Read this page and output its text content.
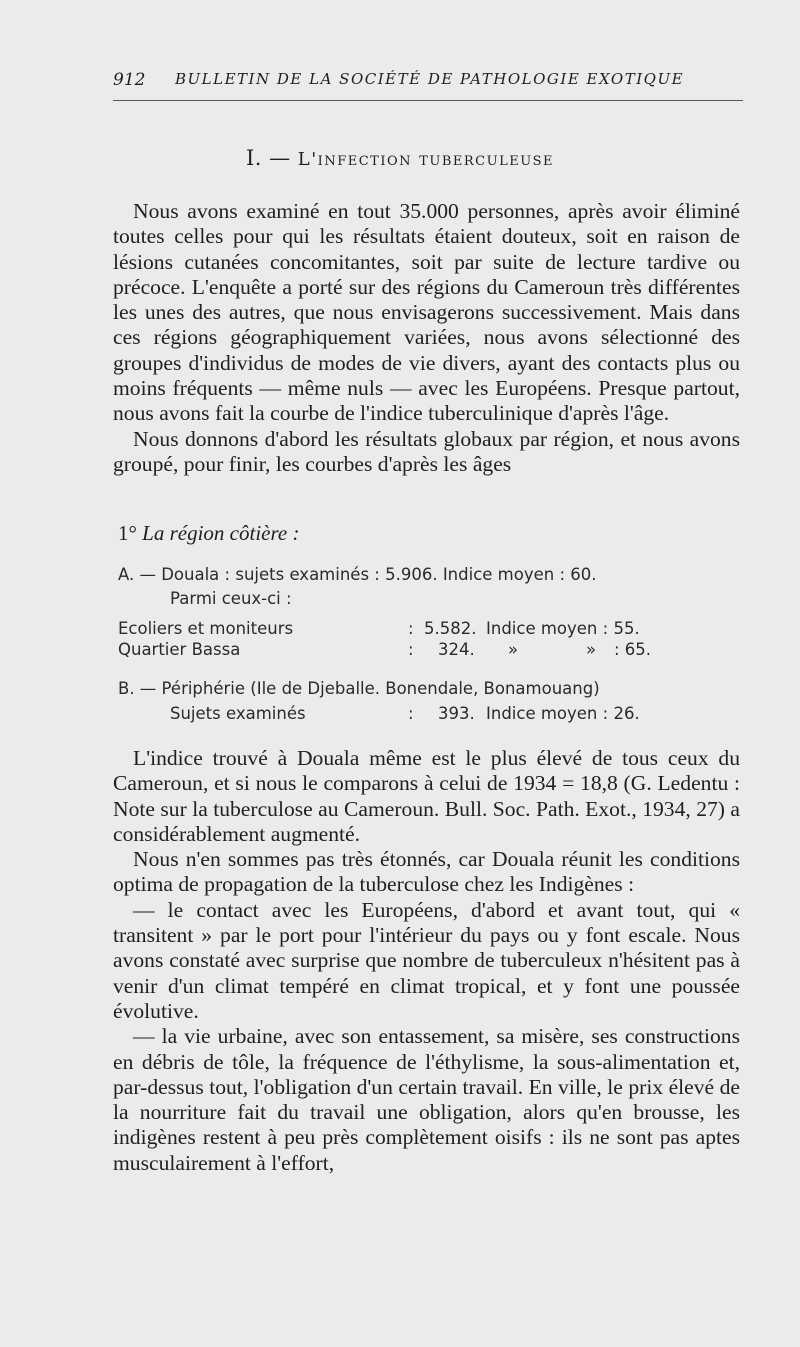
912 BULLETIN DE LA SOCIÉTÉ DE PATHOLOGIE EXOTIQUE
I. — L'infection tuberculeuse

Nous avons examiné en tout 35.000 personnes, après avoir éliminé toutes celles pour qui les résultats étaient douteux, soit en raison de lésions cutanées concomitantes, soit par suite de lecture tardive ou précoce. L'enquête a porté sur des régions du Cameroun très différentes les unes des autres, que nous envisagerons successivement. Mais dans ces régions géographiquement variées, nous avons sélectionné des groupes d'individus de modes de vie divers, ayant des contacts plus ou moins fréquents — même nuls — avec les Européens. Presque partout, nous avons fait la courbe de l'indice tuberculinique d'après l'âge.

Nous donnons d'abord les résultats globaux par région, et nous avons groupé, pour finir, les courbes d'après les âges

1° La région côtière :
A. — Douala : sujets examinés : 5.906. Indice moyen : 60.
Parmi ceux-ci :
Ecoliers et moniteurs	: 5.582. Indice moyen : 55.
Quartier Bassa	: 324. »	» : 65.
B. — Périphérie (Ile de Djeballe. Bonendale, Bonamouang)
Sujets examinés	: 393. Indice moyen : 26.

L'indice trouvé à Douala même est le plus élevé de tous ceux du Cameroun, et si nous le comparons à celui de 1934 = 18,8 (G. Ledentu : Note sur la tuberculose au Cameroun. Bull. Soc. Path. Exot., 1934, 27) a considérablement augmenté.

Nous n'en sommes pas très étonnés, car Douala réunit les conditions optima de propagation de la tuberculose chez les Indigènes :

— le contact avec les Européens, d'abord et avant tout, qui « transitent » par le port pour l'intérieur du pays ou y font escale. Nous avons constaté avec surprise que nombre de tuberculeux n'hésitent pas à venir d'un climat tempéré en climat tropical, et y font une poussée évolutive.

— la vie urbaine, avec son entassement, sa misère, ses constructions en débris de tôle, la fréquence de l'éthylisme, la sous-alimentation et, par-dessus tout, l'obligation d'un certain travail. En ville, le prix élevé de la nourriture fait du travail une obligation, alors qu'en brousse, les indigènes restent à peu près complètement oisifs : ils ne sont pas aptes musculairement à l'effort,
